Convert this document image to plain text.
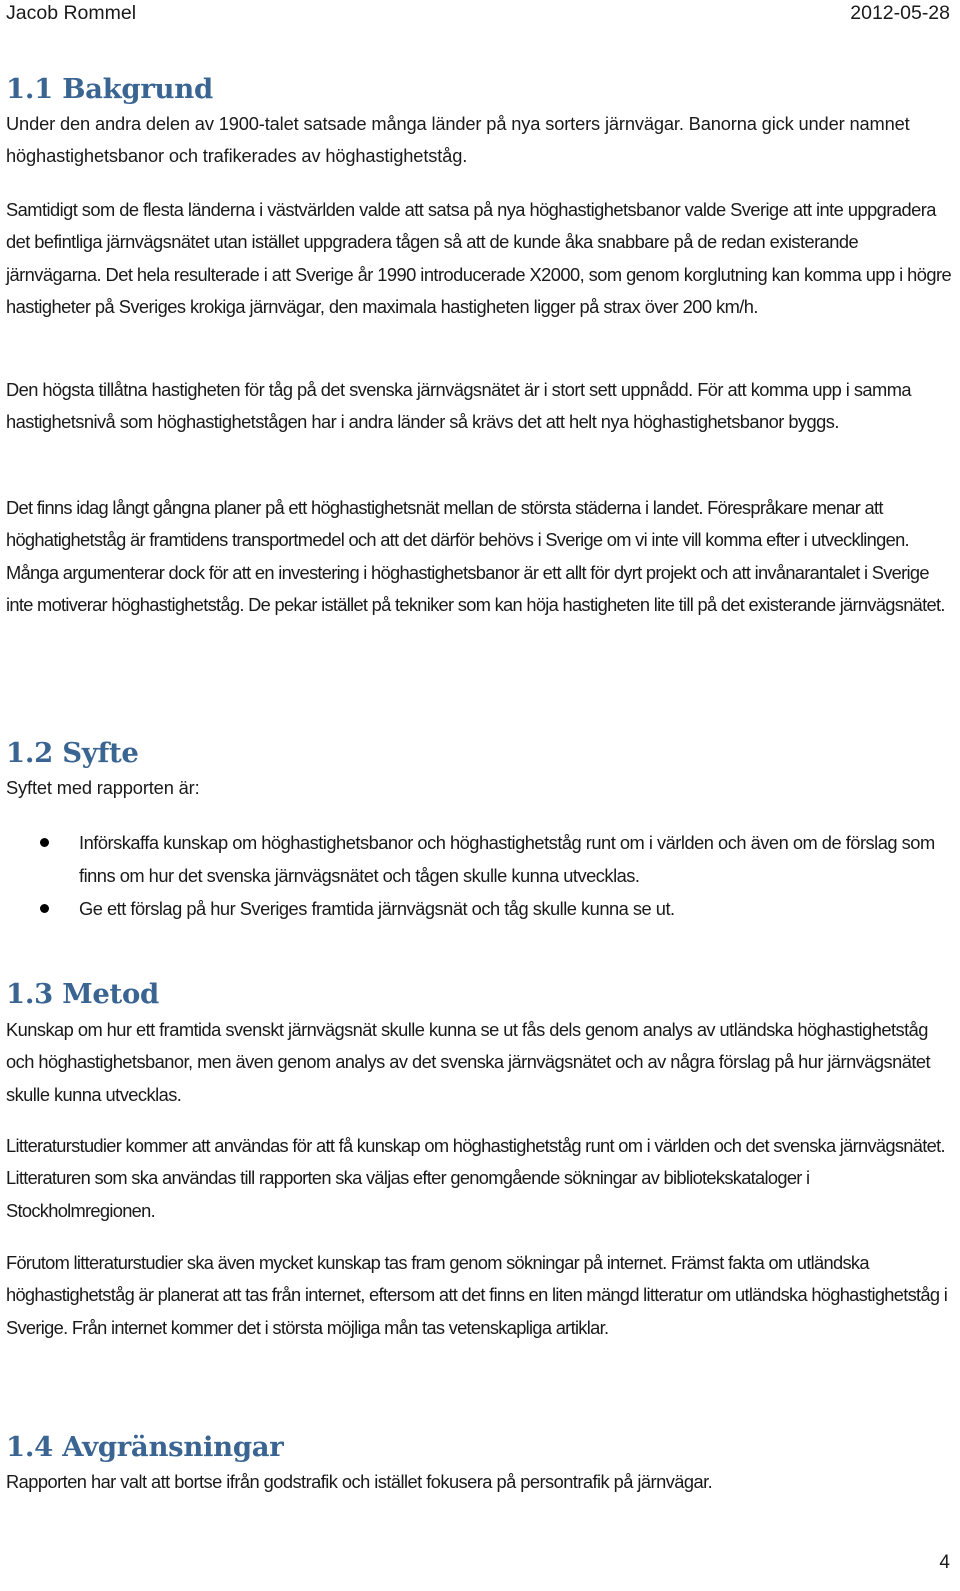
Jacob Rommel	2012-05-28
1.1 Bakgrund

Under den andra delen av 1900-talet satsade många länder på nya sorters järnvägar. Banorna gick under namnet höghastighetsbanor och trafikerades av höghastighetståg.

Samtidigt som de flesta länderna i västvärlden valde att satsa på nya höghastighetsbanor valde Sverige att inte uppgradera det befintliga järnvägsnätet utan istället uppgradera tågen så att de kunde åka snabbare på de redan existerande järnvägarna. Det hela resulterade i att Sverige år 1990 introducerade X2000, som genom korglutning kan komma upp i högre hastigheter på Sveriges krokiga järnvägar, den maximala hastigheten ligger på strax över 200 km/h.

Den högsta tillåtna hastigheten för tåg på det svenska järnvägsnätet är i stort sett uppnådd. För att komma upp i samma hastighetsnivå som höghastighetstågen har i andra länder så krävs det att helt nya höghastighetsbanor byggs.

Det finns idag långt gångna planer på ett höghastighetsnät mellan de största städerna i landet. Förespråkare menar att höghatighetståg är framtidens transportmedel och att det därför behövs i Sverige om vi inte vill komma efter i utvecklingen. Många argumenterar dock för att en investering i höghastighetsbanor är ett allt för dyrt projekt och att invånarantalet i Sverige inte motiverar höghastighetståg. De pekar istället på tekniker som kan höja hastigheten lite till på det existerande järnvägsnätet.

1.2 Syfte

Syftet med rapporten är:

Införskaffa kunskap om höghastighetsbanor och höghastighetståg runt om i världen och även om de förslag som finns om hur det svenska järnvägsnätet och tågen skulle kunna utvecklas.
Ge ett förslag på hur Sveriges framtida järnvägsnät och tåg skulle kunna se ut.
1.3 Metod

Kunskap om hur ett framtida svenskt järnvägsnät skulle kunna se ut fås dels genom analys av utländska höghastighetståg och höghastighetsbanor, men även genom analys av det svenska järnvägsnätet och av några förslag på hur järnvägsnätet skulle kunna utvecklas.

Litteraturstudier kommer att användas för att få kunskap om höghastighetståg runt om i världen och det svenska järnvägsnätet. Litteraturen som ska användas till rapporten ska väljas efter genomgående sökningar av bibliotekskataloger i Stockholmregionen.

Förutom litteraturstudier ska även mycket kunskap tas fram genom sökningar på internet. Främst fakta om utländska höghastighetståg är planerat att tas från internet, eftersom att det finns en liten mängd litteratur om utländska höghastighetståg i Sverige. Från internet kommer det i största möjliga mån tas vetenskapliga artiklar.

1.4 Avgränsningar

Rapporten har valt att bortse ifrån godstrafik och istället fokusera på persontrafik på järnvägar.

4
